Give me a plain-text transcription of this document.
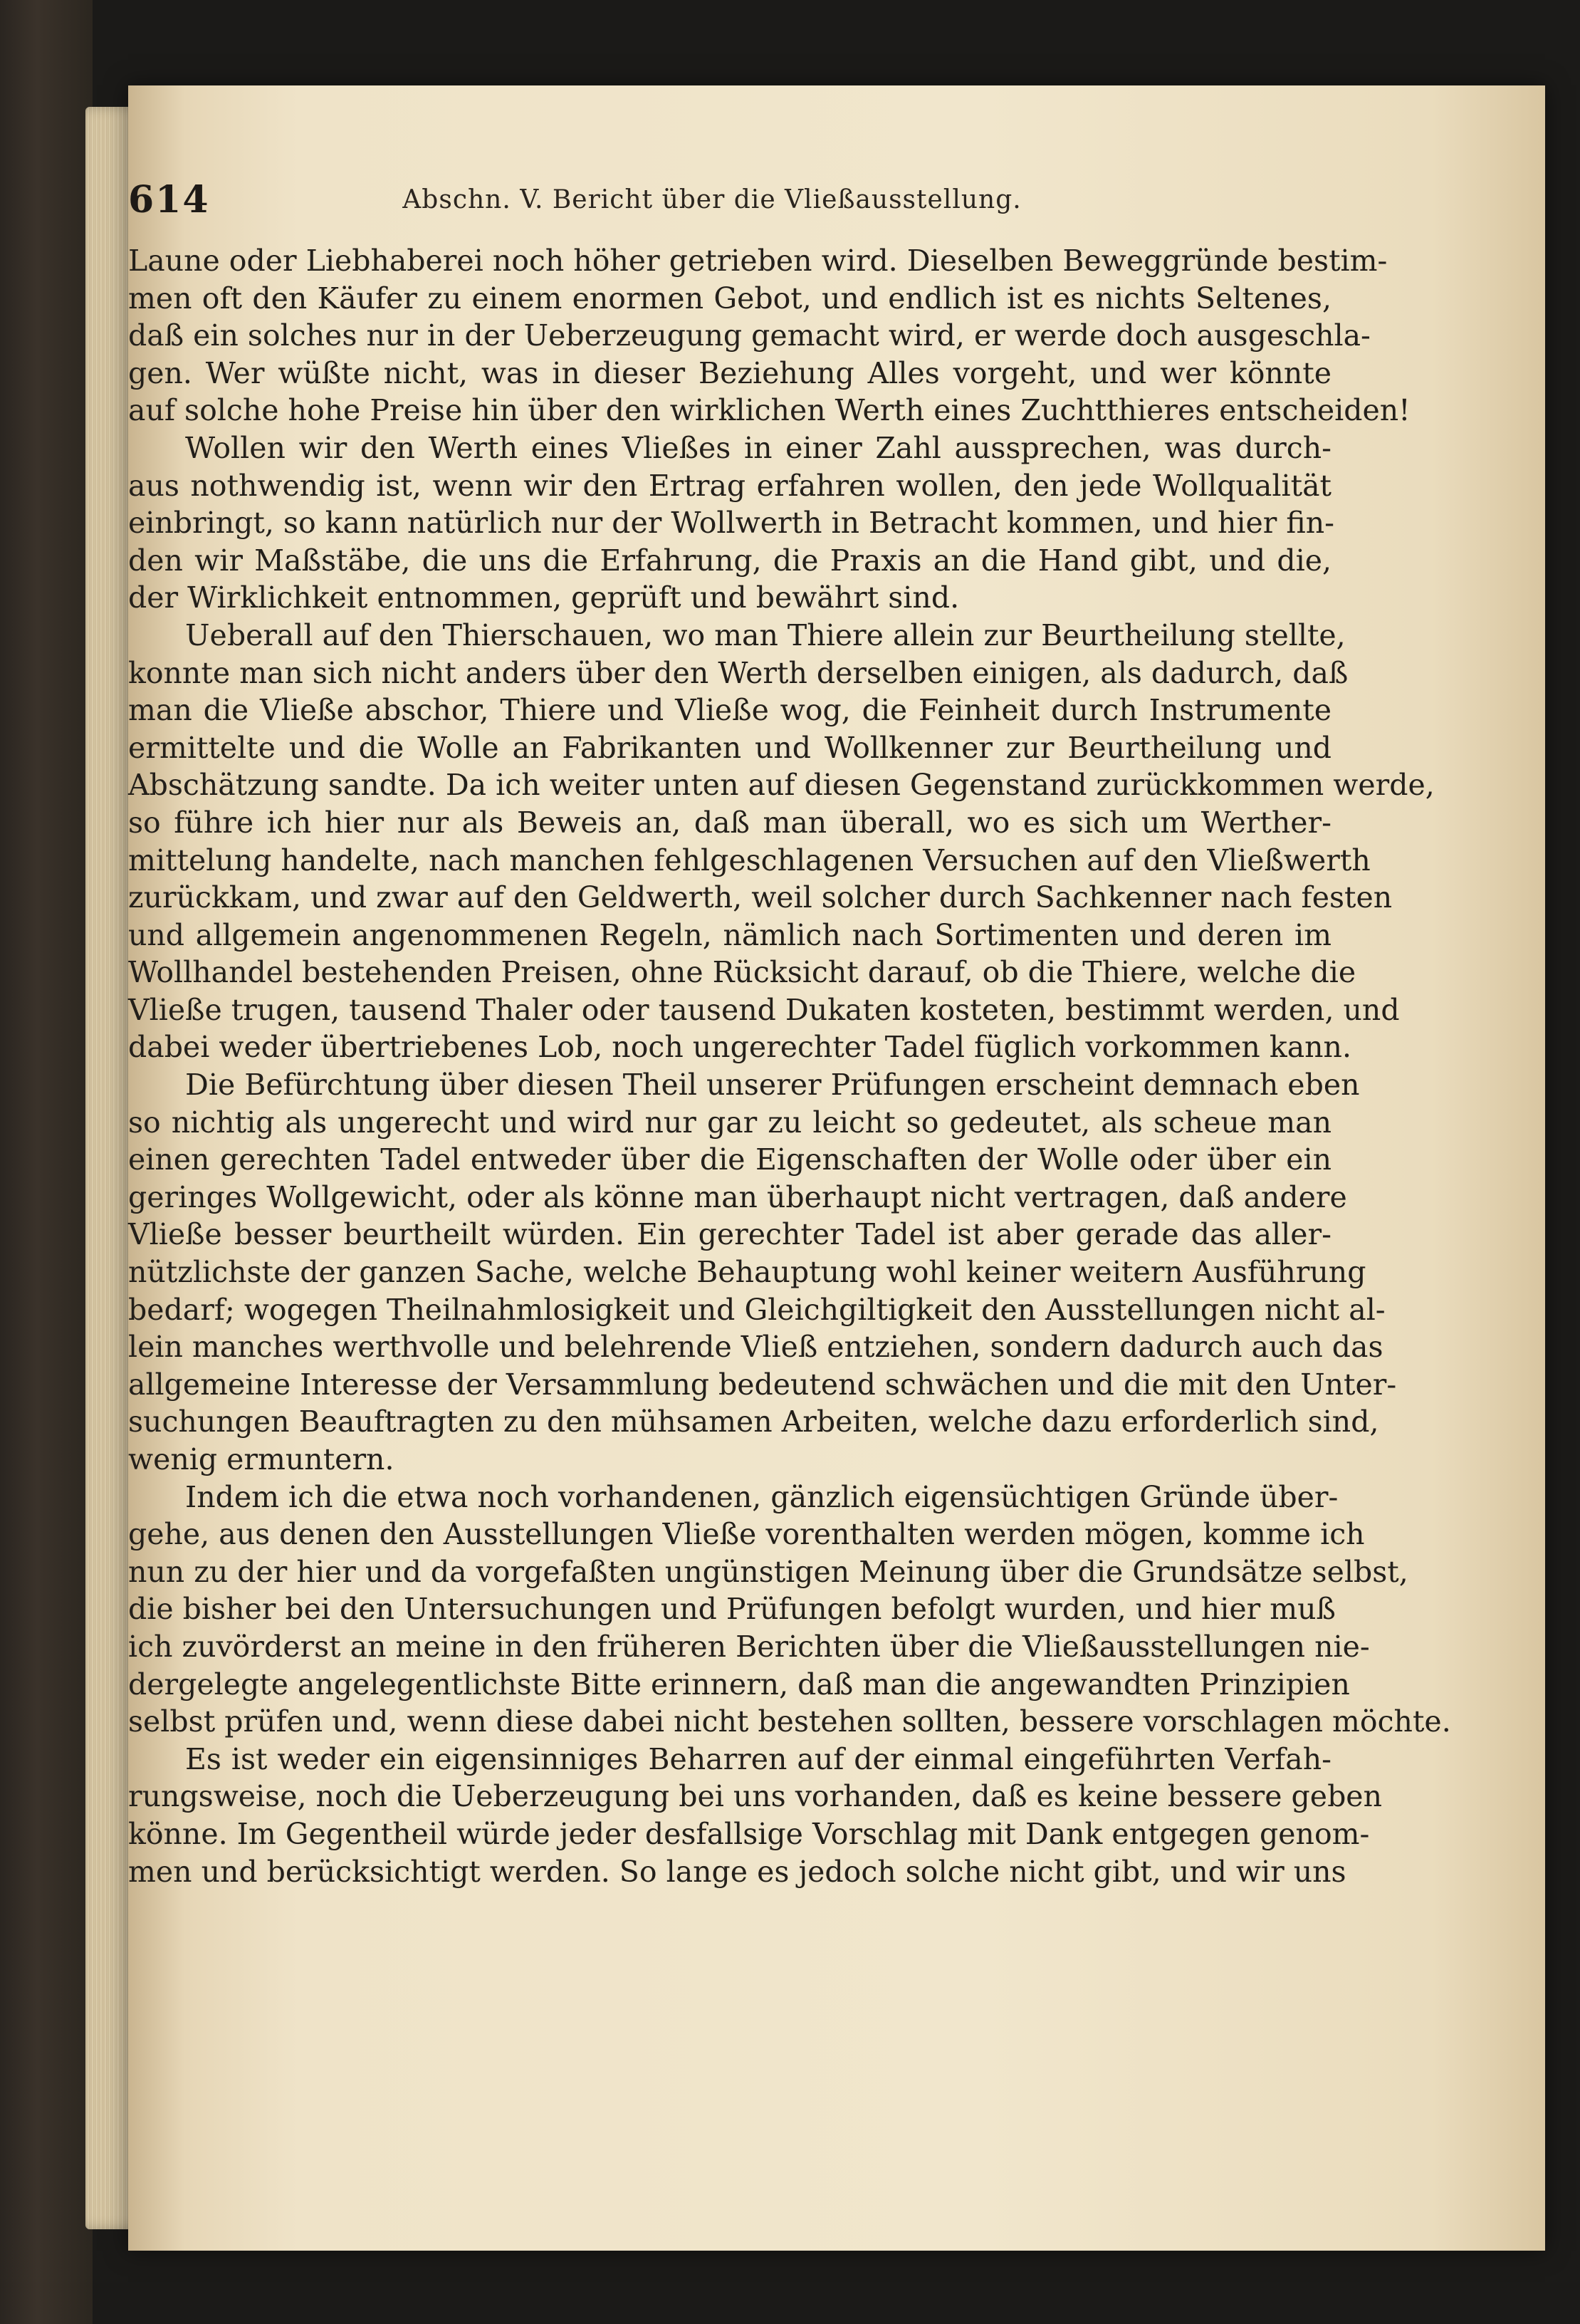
614	Abschn. V. Bericht über die Vließausstellung.
Laune oder Liebhaberei noch höher getrieben wird. Dieselben Beweggründe bestim-
men oft den Käufer zu einem enormen Gebot, und endlich ist es nichts Seltenes,
daß ein solches nur in der Ueberzeugung gemacht wird, er werde doch ausgeschla-
gen. Wer wüßte nicht, was in dieser Beziehung Alles vorgeht, und wer könnte
auf solche hohe Preise hin über den wirklichen Werth eines Zuchtthieres entscheiden!
Wollen wir den Werth eines Vließes in einer Zahl aussprechen, was durch-
aus nothwendig ist, wenn wir den Ertrag erfahren wollen, den jede Wollqualität
einbringt, so kann natürlich nur der Wollwerth in Betracht kommen, und hier fin-
den wir Maßstäbe, die uns die Erfahrung, die Praxis an die Hand gibt, und die,
der Wirklichkeit entnommen, geprüft und bewährt sind.
Ueberall auf den Thierschauen, wo man Thiere allein zur Beurtheilung stellte,
konnte man sich nicht anders über den Werth derselben einigen, als dadurch, daß
man die Vließe abschor, Thiere und Vließe wog, die Feinheit durch Instrumente
ermittelte und die Wolle an Fabrikanten und Wollkenner zur Beurtheilung und
Abschätzung sandte. Da ich weiter unten auf diesen Gegenstand zurückkommen werde,
so führe ich hier nur als Beweis an, daß man überall, wo es sich um Werther-
mittelung handelte, nach manchen fehlgeschlagenen Versuchen auf den Vließwerth
zurückkam, und zwar auf den Geldwerth, weil solcher durch Sachkenner nach festen
und allgemein angenommenen Regeln, nämlich nach Sortimenten und deren im
Wollhandel bestehenden Preisen, ohne Rücksicht darauf, ob die Thiere, welche die
Vließe trugen, tausend Thaler oder tausend Dukaten kosteten, bestimmt werden, und
dabei weder übertriebenes Lob, noch ungerechter Tadel füglich vorkommen kann.
Die Befürchtung über diesen Theil unserer Prüfungen erscheint demnach eben
so nichtig als ungerecht und wird nur gar zu leicht so gedeutet, als scheue man
einen gerechten Tadel entweder über die Eigenschaften der Wolle oder über ein
geringes Wollgewicht, oder als könne man überhaupt nicht vertragen, daß andere
Vließe besser beurtheilt würden. Ein gerechter Tadel ist aber gerade das aller-
nützlichste der ganzen Sache, welche Behauptung wohl keiner weitern Ausführung
bedarf; wogegen Theilnahmlosigkeit und Gleichgiltigkeit den Ausstellungen nicht al-
lein manches werthvolle und belehrende Vließ entziehen, sondern dadurch auch das
allgemeine Interesse der Versammlung bedeutend schwächen und die mit den Unter-
suchungen Beauftragten zu den mühsamen Arbeiten, welche dazu erforderlich sind,
wenig ermuntern.
Indem ich die etwa noch vorhandenen, gänzlich eigensüchtigen Gründe über-
gehe, aus denen den Ausstellungen Vließe vorenthalten werden mögen, komme ich
nun zu der hier und da vorgefaßten ungünstigen Meinung über die Grundsätze selbst,
die bisher bei den Untersuchungen und Prüfungen befolgt wurden, und hier muß
ich zuvörderst an meine in den früheren Berichten über die Vließausstellungen nie-
dergelegte angelegentlichste Bitte erinnern, daß man die angewandten Prinzipien
selbst prüfen und, wenn diese dabei nicht bestehen sollten, bessere vorschlagen möchte.
Es ist weder ein eigensinniges Beharren auf der einmal eingeführten Verfah-
rungsweise, noch die Ueberzeugung bei uns vorhanden, daß es keine bessere geben
könne. Im Gegentheil würde jeder desfallsige Vorschlag mit Dank entgegen genom-
men und berücksichtigt werden. So lange es jedoch solche nicht gibt, und wir uns
